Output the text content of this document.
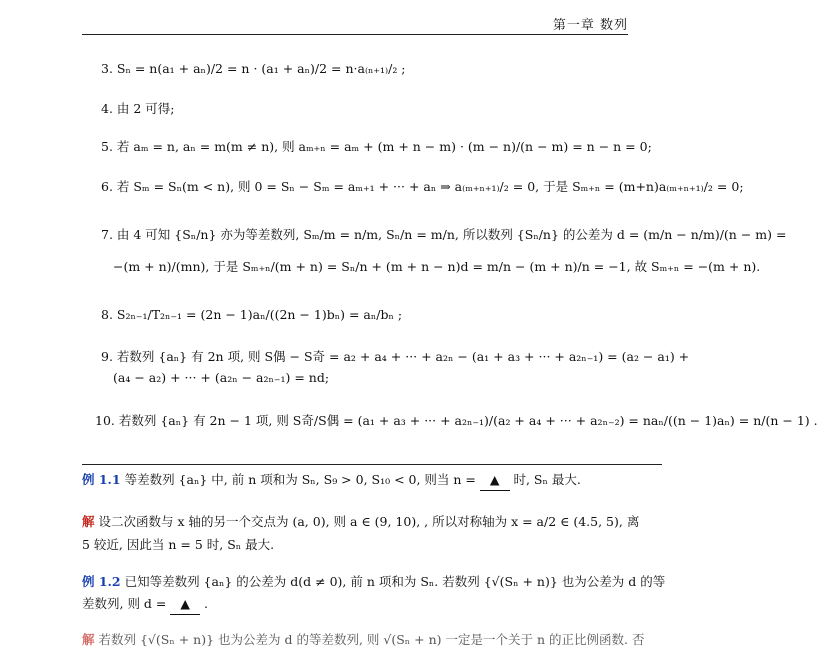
第一章 数列
3. Sₙ = n(a₁ + aₙ)/2 = n · (a₁ + aₙ)/2 = n·a₍ₙ₊₁₎/₂ ;
4. 由 2 可得;
5. 若 aₘ = n, aₙ = m(m ≠ n), 则 aₘ₊ₙ = aₘ + (m + n − m) · (m − n)/(n − m) = n − n = 0;
6. 若 Sₘ = Sₙ(m < n), 则 0 = Sₙ − Sₘ = aₘ₊₁ + ··· + aₙ ⇒ a₍ₘ₊ₙ₊₁₎/₂ = 0, 于是 Sₘ₊ₙ = (m+n)a₍ₘ₊ₙ₊₁₎/₂ = 0;
7. 由 4 可知 {Sₙ/n} 亦为等差数列, Sₘ/m = n/m, Sₙ/n = m/n, 所以数列 {Sₙ/n} 的公差为 d = (m/n − n/m)/(n − m) =
−(m + n)/(mn), 于是 Sₘ₊ₙ/(m + n) = Sₙ/n + (m + n − n)d = m/n − (m + n)/n = −1, 故 Sₘ₊ₙ = −(m + n).
8. S₂ₙ₋₁/T₂ₙ₋₁ = (2n − 1)aₙ/((2n − 1)bₙ) = aₙ/bₙ ;
9. 若数列 {aₙ} 有 2n 项, 则 S偶 − S奇 = a₂ + a₄ + ··· + a₂ₙ − (a₁ + a₃ + ··· + a₂ₙ₋₁) = (a₂ − a₁) +
(a₄ − a₂) + ··· + (a₂ₙ − a₂ₙ₋₁) = nd;
10. 若数列 {aₙ} 有 2n − 1 项, 则 S奇/S偶 = (a₁ + a₃ + ··· + a₂ₙ₋₁)/(a₂ + a₄ + ··· + a₂ₙ₋₂) = naₙ/((n − 1)aₙ) = n/(n − 1) .
例 1.1 等差数列 {aₙ} 中, 前 n 项和为 Sₙ, S₉ > 0, S₁₀ < 0, 则当 n = ▲ 时, Sₙ 最大.
解 设二次函数与 x 轴的另一个交点为 (a, 0), 则 a ∈ (9, 10), , 所以对称轴为 x = a/2 ∈ (4.5, 5), 离
5 较近, 因此当 n = 5 时, Sₙ 最大.
例 1.2 已知等差数列 {aₙ} 的公差为 d(d ≠ 0), 前 n 项和为 Sₙ. 若数列 {√(Sₙ + n)} 也为公差为 d 的等
差数列, 则 d = ▲ .
解 若数列 {√(Sₙ + n)} 也为公差为 d 的等差数列, 则 √(Sₙ + n) 一定是一个关于 n 的正比例函数. 否
